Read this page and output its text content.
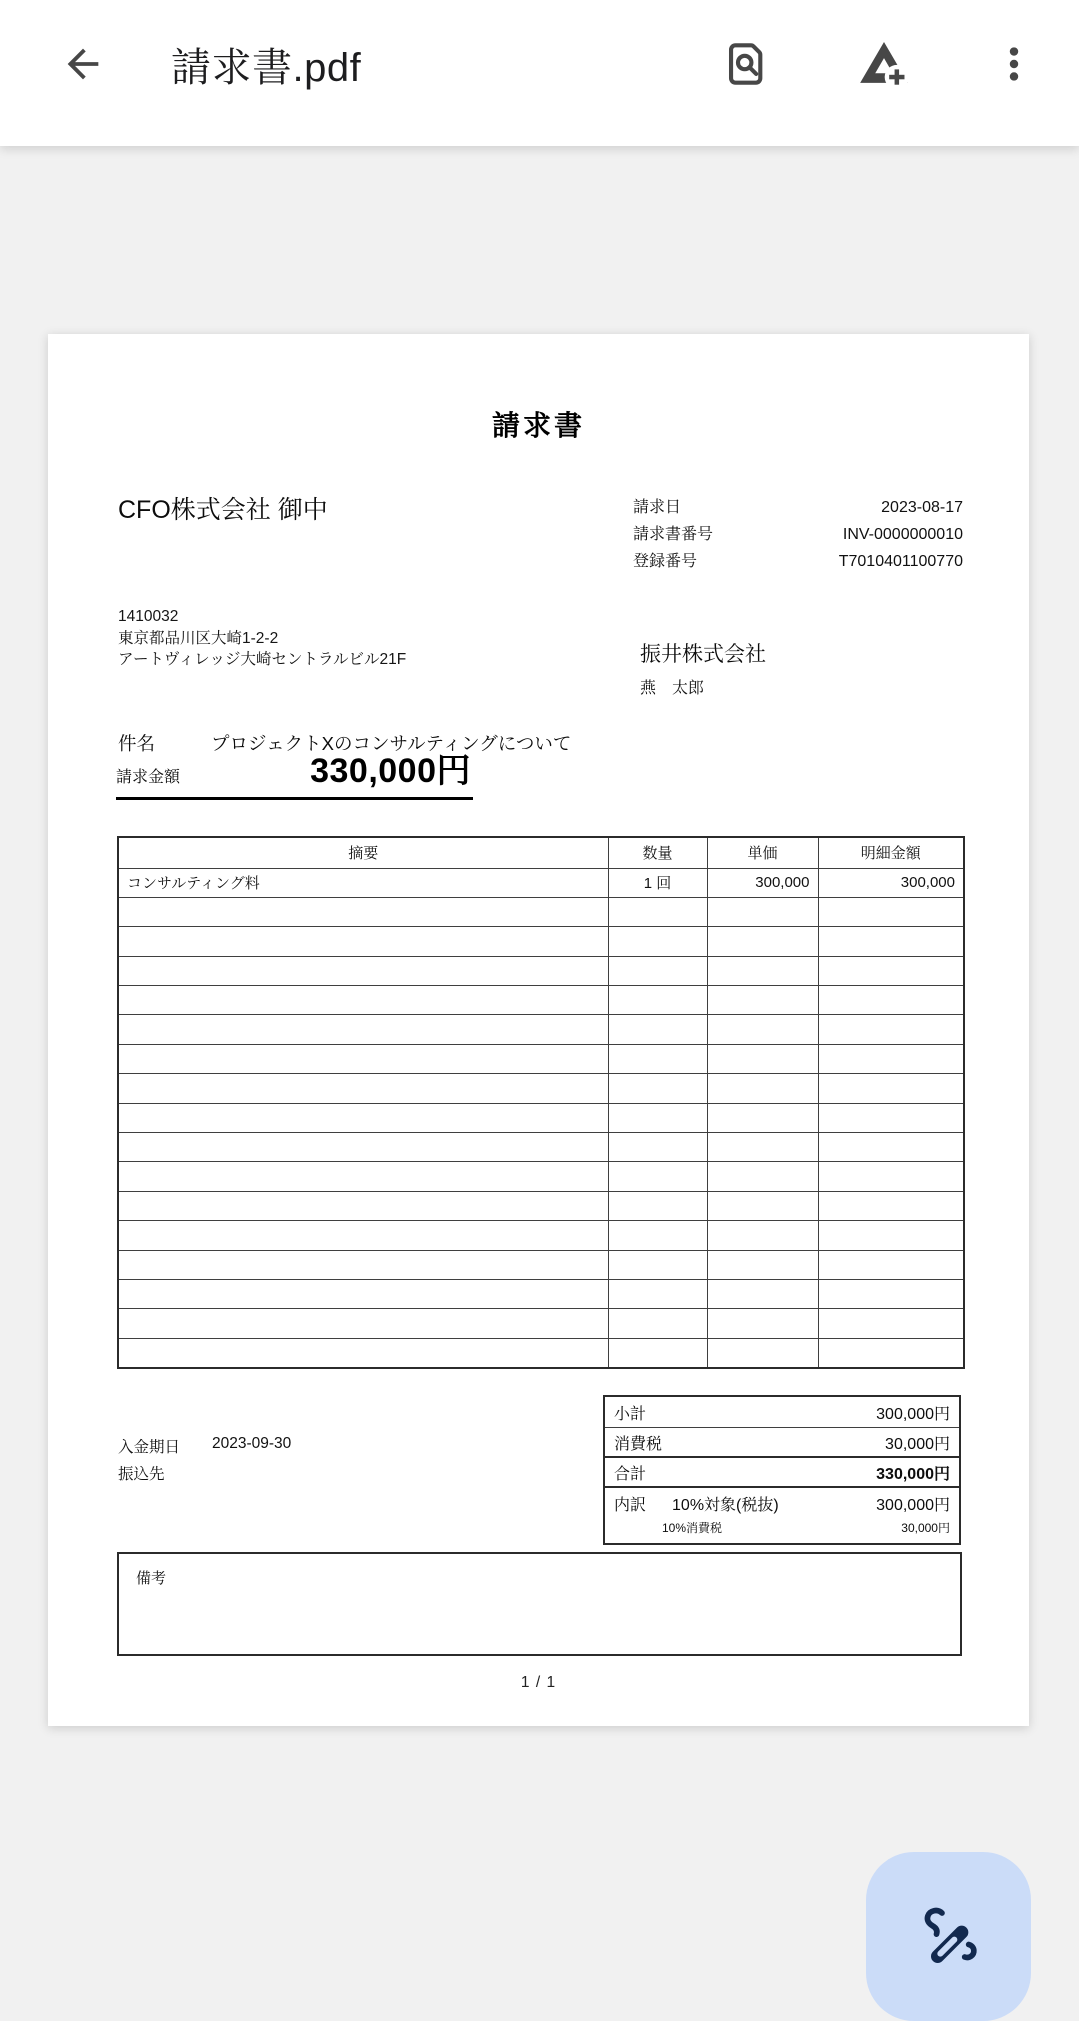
請求書.pdf
請求書
CFO株式会社 御中	請求日	2023-08-17
請求書番号	INV-0000000010
登録番号	T7010401100770
1410032
東京都品川区大崎1-2-2
アートヴィレッジ大崎セントラルビル21F	振井株式会社
燕　太郎
件名	プロジェクトXのコンサルティングについて
請求金額	330,000円
摘要	数量	単価	明細金額
コンサルティング料	1 回	300,000	300,000

小計	300,000円
消費税	30,000円
合計	330,000円
内訳 10%対象(税抜)	300,000円
10%消費税	30,000円
入金期日 2023-09-30
振込先
備考
1 / 1
